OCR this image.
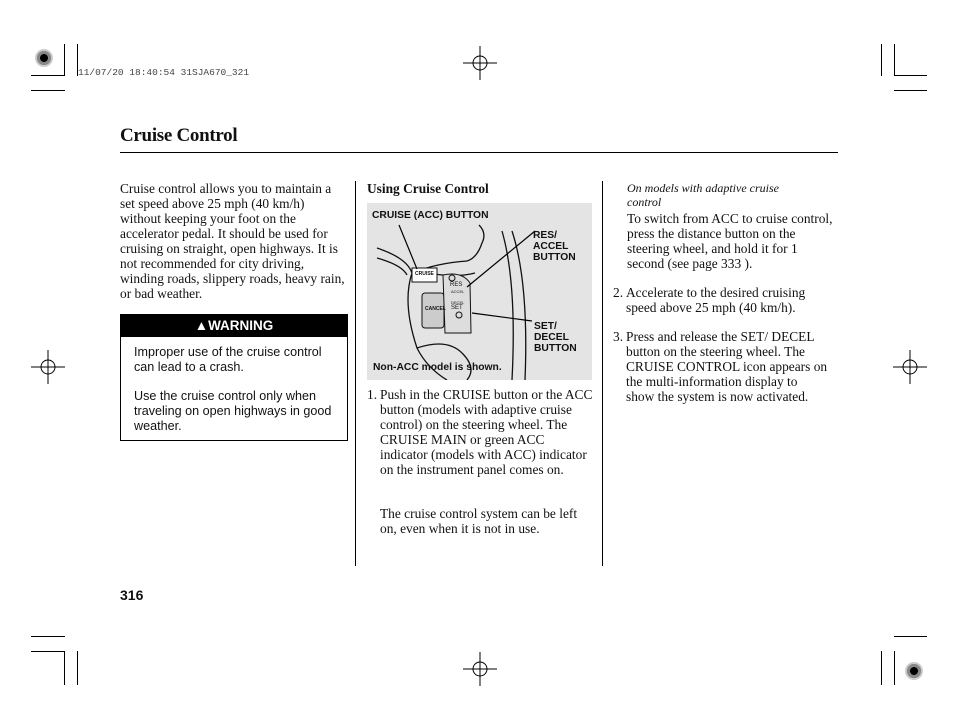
11/07/20 18:40:54 31SJA670_321
Cruise Control
Cruise control allows you to maintain a set speed above 25 mph (40 km/h) without keeping your foot on the accelerator pedal. It should be used for cruising on straight, open highways. It is not recommended for city driving, winding roads, slippery roads, heavy rain, or bad weather.
▲WARNING
Improper use of the cruise control can lead to a crash.
Use the cruise control only when traveling on open highways in good weather.
Using Cruise Control
CRUISE (ACC) BUTTON
RES/ ACCEL BUTTON
SET/ DECEL BUTTON
Non-ACC model is shown.
CRUISE
CANCEL
RES
ACCEL
DECEL
SET
1. Push in the CRUISE button or the ACC button (models with adaptive cruise control) on the steering wheel. The CRUISE MAIN or green ACC indicator (models with ACC) indicator on the instrument panel comes on.
The cruise control system can be left on, even when it is not in use.
On models with adaptive cruise control
To switch from ACC to cruise control, press the distance button on the steering wheel, and hold it for 1 second (see page 333 ).
2. Accelerate to the desired cruising speed above 25 mph (40 km/h).
3. Press and release the SET/ DECEL button on the steering wheel. The CRUISE CONTROL icon appears on the multi-information display to show the system is now activated.
316
